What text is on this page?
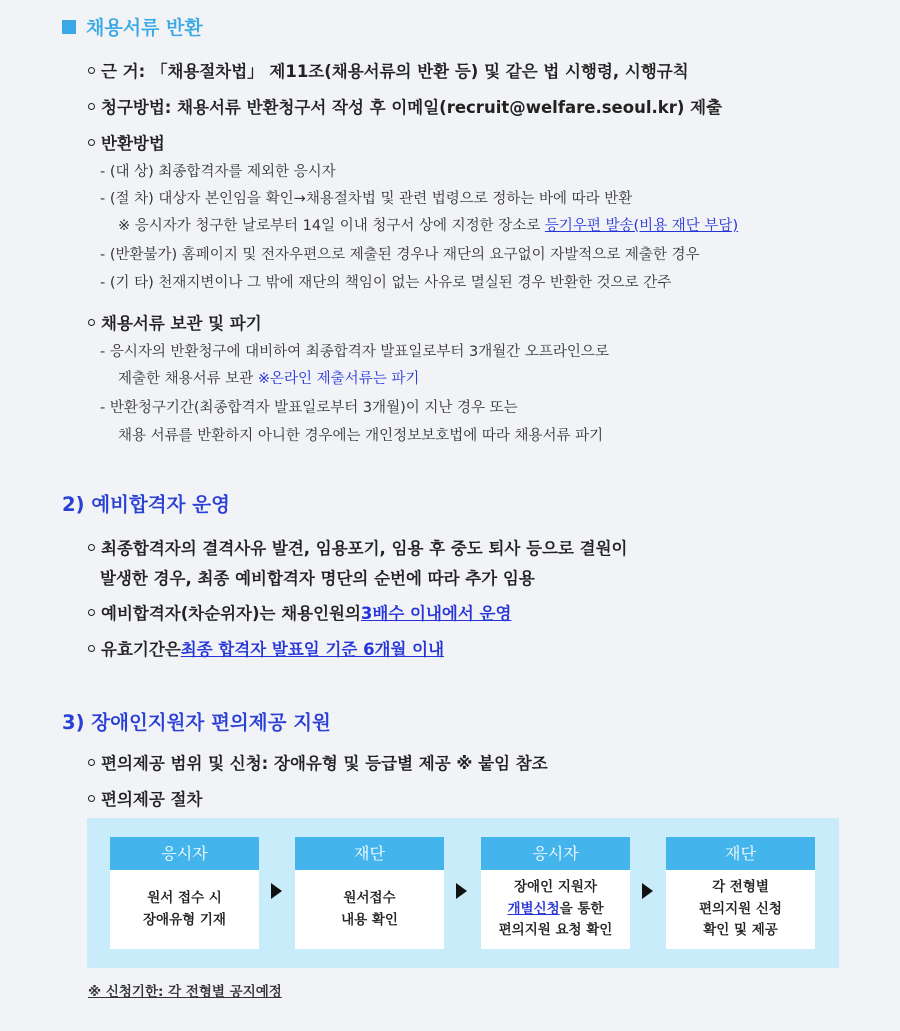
채용서류 반환
근 거: 「채용절차법」 제11조(채용서류의 반환 등) 및 같은 법 시행령, 시행규칙
청구방법: 채용서류 반환청구서 작성 후 이메일(recruit@welfare.seoul.kr) 제출
반환방법
- (대 상) 최종합격자를 제외한 응시자
- (절 차) 대상자 본인임을 확인→채용절차법 및 관련 법령으로 정하는 바에 따라 반환
※ 응시자가 청구한 날로부터 14일 이내 청구서 상에 지정한 장소로 등기우편 발송(비용 재단 부담)
- (반환불가) 홈페이지 및 전자우편으로 제출된 경우나 재단의 요구없이 자발적으로 제출한 경우
- (기 타) 천재지변이나 그 밖에 재단의 책임이 없는 사유로 멸실된 경우 반환한 것으로 간주
채용서류 보관 및 파기
- 응시자의 반환청구에 대비하여 최종합격자 발표일로부터 3개월간 오프라인으로
제출한 채용서류 보관 ※온라인 제출서류는 파기
- 반환청구기간(최종합격자 발표일로부터 3개월)이 지난 경우 또는
채용 서류를 반환하지 아니한 경우에는 개인정보보호법에 따라 채용서류 파기
2) 예비합격자 운영
최종합격자의 결격사유 발견, 임용포기, 임용 후 중도 퇴사 등으로 결원이
발생한 경우, 최종 예비합격자 명단의 순번에 따라 추가 임용
예비합격자(차순위자)는 채용인원의 3배수 이내에서 운영
유효기간은 최종 합격자 발표일 기준 6개월 이내
3) 장애인지원자 편의제공 지원
편의제공 범위 및 신청: 장애유형 및 등급별 제공 ※ 붙임 참조
편의제공 절차
응시자
원서 접수 시
장애유형 기재
재단
원서접수
내용 확인
응시자
장애인 지원자
개별신청을 통한
편의지원 요청 확인
재단
각 전형별
편의지원 신청
확인 및 제공
※ 신청기한: 각 전형별 공지예정
